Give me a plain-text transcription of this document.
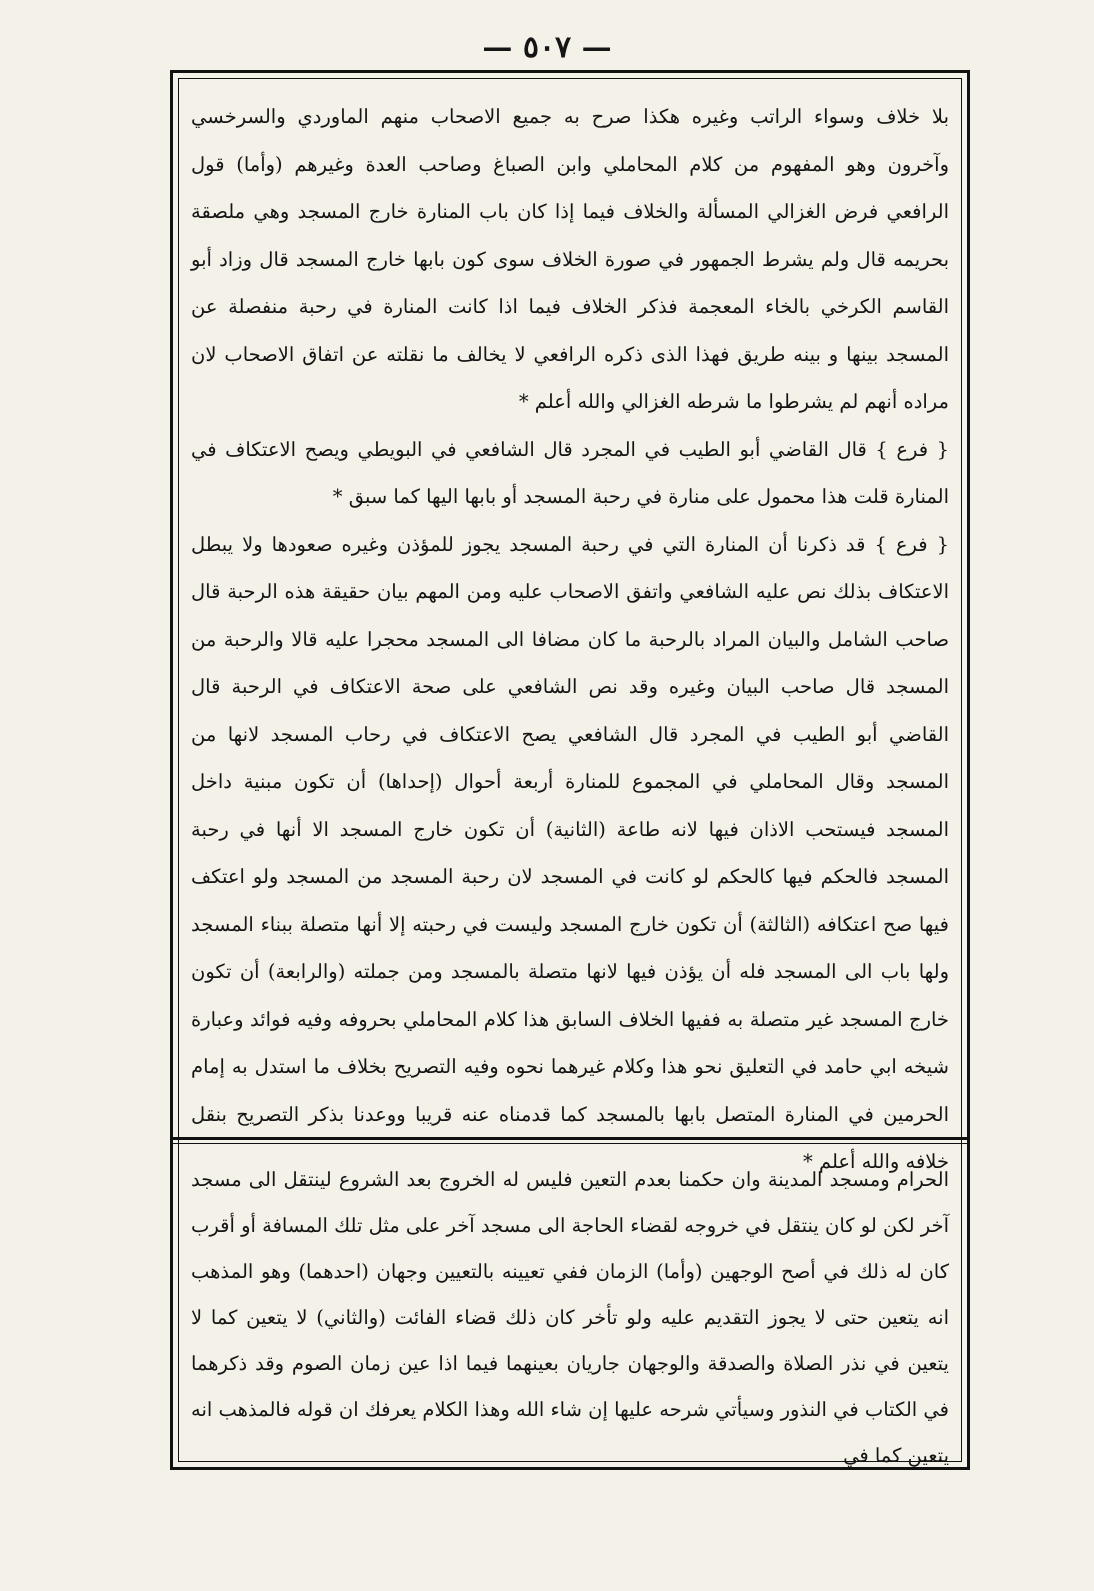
— ٥٠٧ —

بلا خلاف وسواء الراتب وغيره هكذا صرح به جميع الاصحاب منهم الماوردي والسرخسي وآخرون وهو المفهوم من كلام المحاملي وابن الصباغ وصاحب العدة وغيرهم (وأما) قول الرافعي فرض الغزالي المسألة والخلاف فيما إذا كان باب المنارة خارج المسجد وهي ملصقة بحريمه قال ولم يشرط الجمهور في صورة الخلاف سوى كون بابها خارج المسجد قال وزاد أبو القاسم الكرخي بالخاء المعجمة فذكر الخلاف فيما اذا كانت المنارة في رحبة منفصلة عن المسجد بينها و بينه طريق فهذا الذى ذكره الرافعي لا يخالف ما نقلته عن اتفاق الاصحاب لان مراده أنهم لم يشرطوا ما شرطه الغزالي والله أعلم *

{ فرع } قال القاضي أبو الطيب في المجرد قال الشافعي في البويطي ويصح الاعتكاف في المنارة قلت هذا محمول على منارة في رحبة المسجد أو بابها اليها كما سبق *

{ فرع } قد ذكرنا أن المنارة التي في رحبة المسجد يجوز للمؤذن وغيره صعودها ولا يبطل الاعتكاف بذلك نص عليه الشافعي واتفق الاصحاب عليه ومن المهم بيان حقيقة هذه الرحبة قال صاحب الشامل والبيان المراد بالرحبة ما كان مضافا الى المسجد محجرا عليه قالا والرحبة من المسجد قال صاحب البيان وغيره وقد نص الشافعي على صحة الاعتكاف في الرحبة قال القاضي أبو الطيب في المجرد قال الشافعي يصح الاعتكاف في رحاب المسجد لانها من المسجد وقال المحاملي في المجموع للمنارة أربعة أحوال (إحداها) أن تكون مبنية داخل المسجد فيستحب الاذان فيها لانه طاعة (الثانية) أن تكون خارج المسجد الا أنها في رحبة المسجد فالحكم فيها كالحكم لو كانت في المسجد لان رحبة المسجد من المسجد ولو اعتكف فيها صح اعتكافه (الثالثة) أن تكون خارج المسجد وليست في رحبته إلا أنها متصلة ببناء المسجد ولها باب الى المسجد فله أن يؤذن فيها لانها متصلة بالمسجد ومن جملته (والرابعة) أن تكون خارج المسجد غير متصلة به ففيها الخلاف السابق هذا كلام المحاملي بحروفه وفيه فوائد وعبارة شيخه ابي حامد في التعليق نحو هذا وكلام غيرهما نحوه وفيه التصريح بخلاف ما استدل به إمام الحرمين في المنارة المتصل بابها بالمسجد كما قدمناه عنه قريبا ووعدنا بذكر التصريح بنقل خلافه والله أعلم *

الحرام ومسجد المدينة وان حكمنا بعدم التعين فليس له الخروج بعد الشروع لينتقل الى مسجد آخر لكن لو كان ينتقل في خروجه لقضاء الحاجة الى مسجد آخر على مثل تلك المسافة أو أقرب كان له ذلك في أصح الوجهين (وأما) الزمان ففي تعيينه بالتعيين وجهان (احدهما) وهو المذهب انه يتعين حتى لا يجوز التقديم عليه ولو تأخر كان ذلك قضاء الفائت (والثاني) لا يتعين كما لا يتعين في نذر الصلاة والصدقة والوجهان جاريان بعينهما فيما اذا عين زمان الصوم وقد ذكرهما في الكتاب في النذور وسيأتي شرحه عليها إن شاء الله وهذا الكلام يعرفك ان قوله فالمذهب انه يتعين كما في
